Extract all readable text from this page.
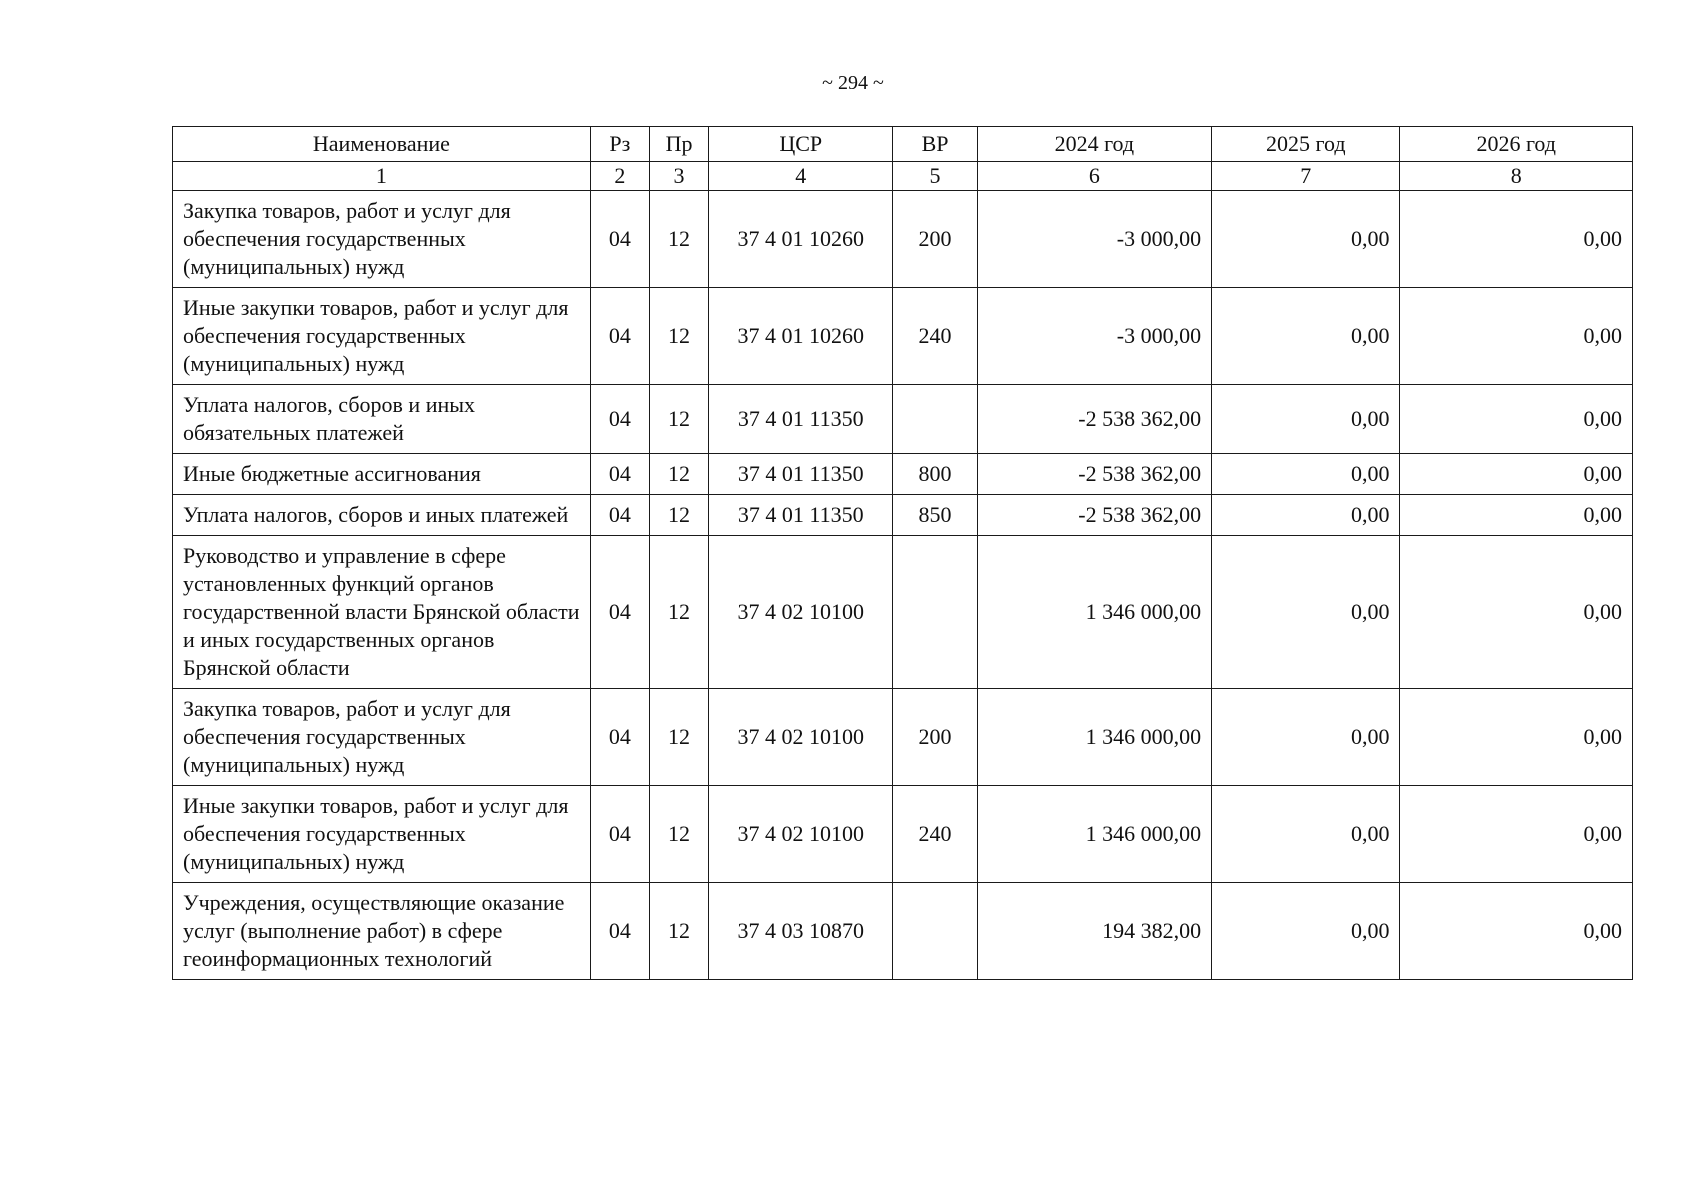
~ 294 ~
Наименование	Рз	Пр	ЦСР	ВР	2024 год	2025 год	2026 год
1	2	3	4	5	6	7	8
Закупка товаров, работ и услуг для обеспечения государственных (муниципальных) нужд	04	12	37 4 01 10260	200	-3 000,00	0,00	0,00
Иные закупки товаров, работ и услуг для обеспечения государственных (муниципальных) нужд	04	12	37 4 01 10260	240	-3 000,00	0,00	0,00
Уплата налогов, сборов и иных обязательных платежей	04	12	37 4 01 11350		-2 538 362,00	0,00	0,00
Иные бюджетные ассигнования	04	12	37 4 01 11350	800	-2 538 362,00	0,00	0,00
Уплата налогов, сборов и иных платежей	04	12	37 4 01 11350	850	-2 538 362,00	0,00	0,00
Руководство и управление в сфере установленных функций органов государственной власти Брянской области и иных государственных органов Брянской области	04	12	37 4 02 10100		1 346 000,00	0,00	0,00
Закупка товаров, работ и услуг для обеспечения государственных (муниципальных) нужд	04	12	37 4 02 10100	200	1 346 000,00	0,00	0,00
Иные закупки товаров, работ и услуг для обеспечения государственных (муниципальных) нужд	04	12	37 4 02 10100	240	1 346 000,00	0,00	0,00
Учреждения, осуществляющие оказание услуг (выполнение работ) в сфере геоинформационных технологий	04	12	37 4 03 10870		194 382,00	0,00	0,00
